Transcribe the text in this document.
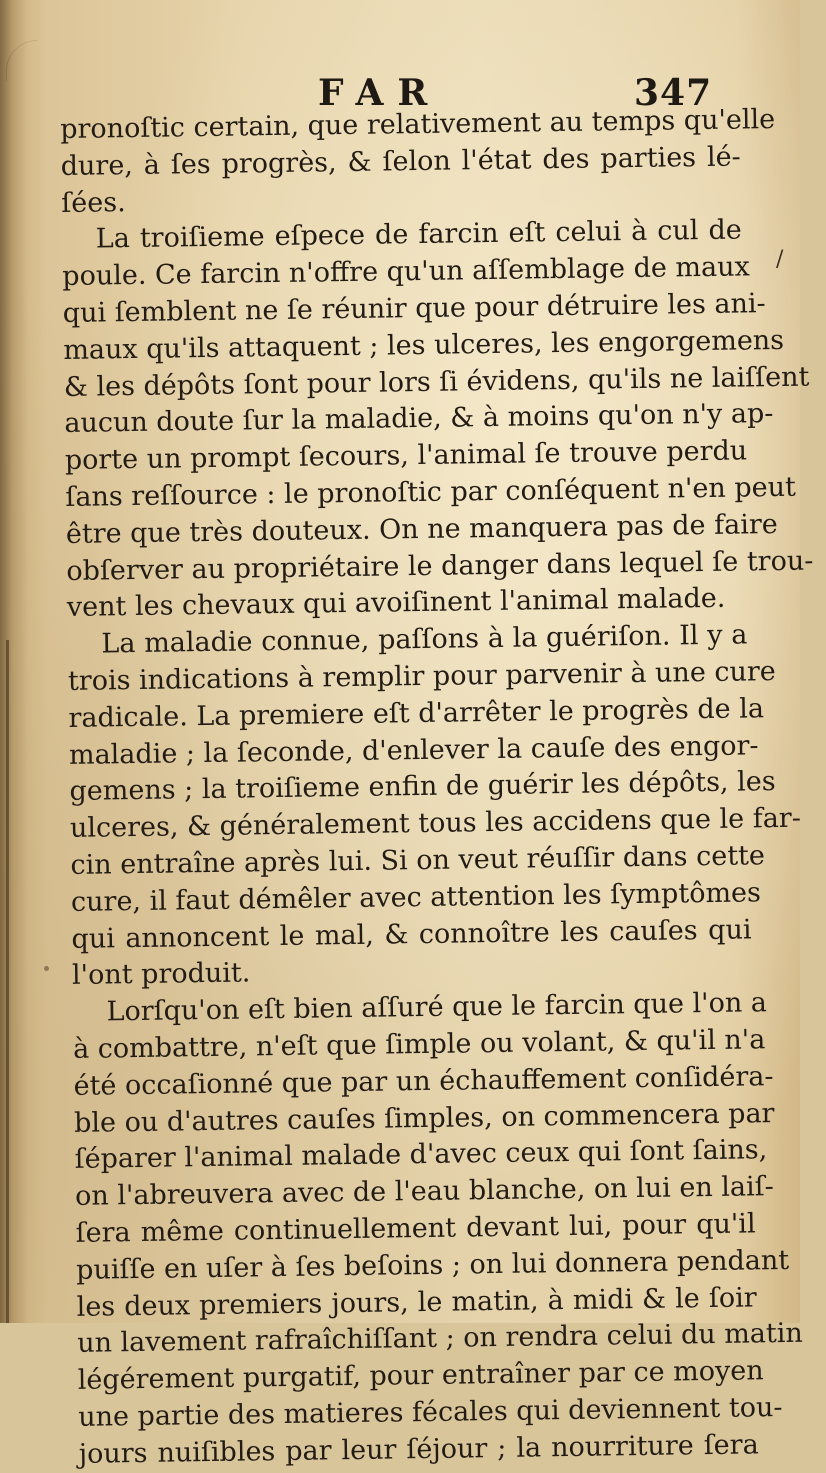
/
FAR	347
pronoſtic certain, que relativement au temps qu'elle
dure, à ſes progrès, & ſelon l'état des parties lé-
ſées.
La troiſieme eſpece de farcin eſt celui à cul de
poule. Ce farcin n'offre qu'un aſſemblage de maux
qui ſemblent ne ſe réunir que pour détruire les ani-
maux qu'ils attaquent ; les ulceres, les engorgemens
& les dépôts ſont pour lors ſi évidens, qu'ils ne laiſſent
aucun doute ſur la maladie, & à moins qu'on n'y ap-
porte un prompt ſecours, l'animal ſe trouve perdu
ſans reſſource : le pronoſtic par conſéquent n'en peut
être que très douteux. On ne manquera pas de faire
obſerver au propriétaire le danger dans lequel ſe trou-
vent les chevaux qui avoiſinent l'animal malade.
La maladie connue, paſſons à la guériſon. Il y a
trois indications à remplir pour parvenir à une cure
radicale. La premiere eſt d'arrêter le progrès de la
maladie ; la ſeconde, d'enlever la cauſe des engor-
gemens ; la troiſieme enfin de guérir les dépôts, les
ulceres, & généralement tous les accidens que le far-
cin entraîne après lui. Si on veut réuſſir dans cette
cure, il faut démêler avec attention les ſymptômes
qui annoncent le mal, & connoître les cauſes qui
l'ont produit.
Lorſqu'on eſt bien aſſuré que le farcin que l'on a
à combattre, n'eſt que ſimple ou volant, & qu'il n'a
été occaſionné que par un échauffement conſidéra-
ble ou d'autres cauſes ſimples, on commencera par
ſéparer l'animal malade d'avec ceux qui ſont ſains,
on l'abreuvera avec de l'eau blanche, on lui en laiſ-
ſera même continuellement devant lui, pour qu'il
puiſſe en uſer à ſes beſoins ; on lui donnera pendant
les deux premiers jours, le matin, à midi & le ſoir
un lavement rafraîchiſſant ; on rendra celui du matin
légérement purgatif, pour entraîner par ce moyen
une partie des matieres fécales qui deviennent tou-
jours nuiſibles par leur ſéjour ; la nourriture ſera
